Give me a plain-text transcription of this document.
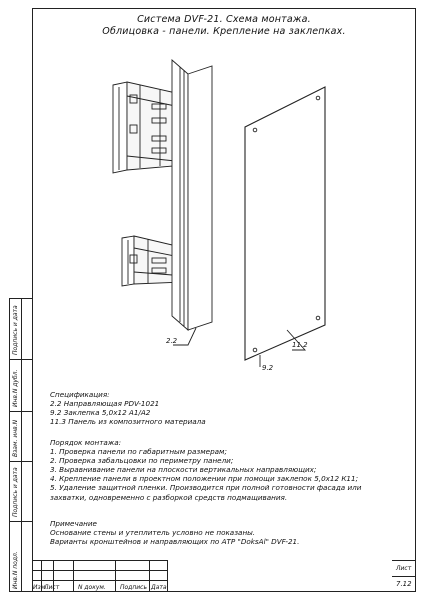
Система DVF-21. Схема монтажа.
Облицовка - панели. Крепление на заклепках.
2.2
9.2
11.2
Спецификация:
2.2 Направляющая PDV-1021
9.2 Заклепка 5,0х12 А1/А2
11.3 Панель из композитного материала
Порядок монтажа:
1. Проверка панели по габаритным размерам;
2. Проверка забальцовки по периметру панели;
3. Выравнивание панели на плоскости вертикальных направляющих;
4. Крепление панели в проектном положении при помощи заклепок 5,0х12 К11;
5. Удаление защитной пленки. Производится при полной готовности фасада или
захватки, одновременно с разборкой средств подмащивания.
Примечание
Основание стены и утеплитель условно не показаны.
Варианты кронштейнов и направляющих по АТР "DoksAl" DVF-21.
Подпись и дата
Инв.N дубл.
Взам. инв.N
Подпись и дата
Инв.N подл. Изм.
Лист	N докум. Подпись Дата
Лист
7.12
